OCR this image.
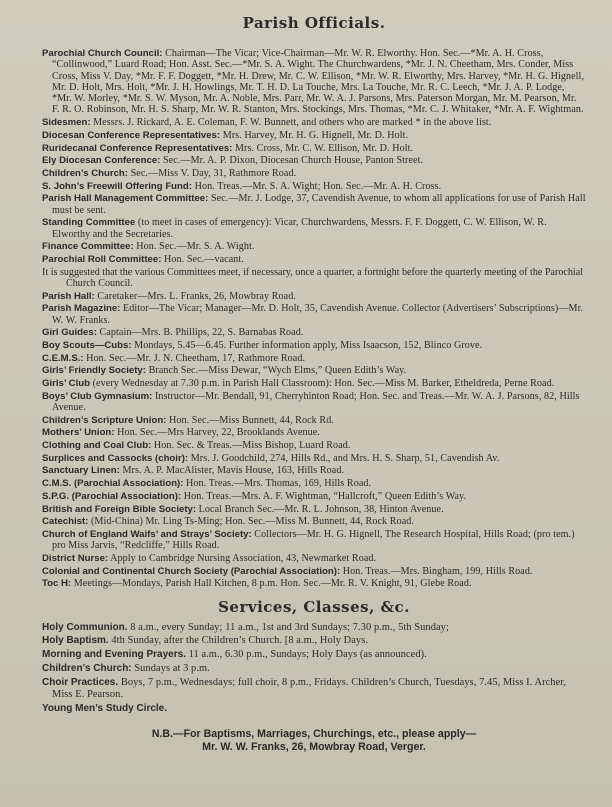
Parish Officials.

Parochial Church Council: Chairman—The Vicar; Vice-Chairman—Mr. W. R. Elworthy. Hon. Sec.—*Mr. A. H. Cross, “Collinwood,” Luard Road; Hon. Asst. Sec.—*Mr. S. A. Wight. The Churchwardens, *Mr. J. N. Cheetham, Mrs. Conder, Miss Cross, Miss V. Day, *Mr. F. F. Doggett, *Mr. H. Drew, Mr. C. W. Ellison, *Mr. W. R. Elworthy, Mrs. Harvey, *Mr. H. G. Hignell, Mr. D. Holt, Mrs. Holt, *Mr. J. H. Howlings, Mr. T. H. D. La Touche, Mrs. La Touche, Mr. R. C. Leech, *Mr. J. A. P. Lodge, *Mr. W. Morley, *Mr. S. W. Myson, Mr. A. Noble, Mrs. Parr, Mr. W. A. J. Parsons, Mrs. Paterson Morgan, Mr. M. Pearson, Mr. F. R. O. Robinson, Mr. H. S. Sharp, Mr. W. R. Stanton, Mrs. Stockings, Mrs. Thomas, *Mr. C. J. Whitaker, *Mr. A. F. Wightman.

Sidesmen: Messrs. J. Rickard, A. E. Coleman, F. W. Bunnett, and others who are marked * in the above list.

Diocesan Conference Representatives: Mrs. Harvey, Mr. H. G. Hignell, Mr. D. Holt.

Ruridecanal Conference Representatives: Mrs. Cross, Mr. C. W. Ellison, Mr. D. Holt.

Ely Diocesan Conference: Sec.—Mr. A. P. Dixon, Diocesan Church House, Panton Street.

Children’s Church: Sec.—Miss V. Day, 31, Rathmore Road.

S. John’s Freewill Offering Fund: Hon. Treas.—Mr. S. A. Wight; Hon. Sec.—Mr. A. H. Cross.

Parish Hall Management Committee: Sec.—Mr. J. Lodge, 37, Cavendish Avenue, to whom all applications for use of Parish Hall must be sent.

Standing Committee (to meet in cases of emergency): Vicar, Churchwardens, Messrs. F. F. Doggett, C. W. Ellison, W. R. Elworthy and the Secretaries.

Finance Committee: Hon. Sec.—Mr. S. A. Wight.

Parochial Roll Committee: Hon. Sec.—vacant.

It is suggested that the various Committees meet, if necessary, once a quarter, a fortnight before the quarterly meeting of the Parochial Church Council.

Parish Hall: Caretaker—Mrs. L. Franks, 26, Mowbray Road.

Parish Magazine: Editor—The Vicar; Manager—Mr. D. Holt, 35, Cavendish Avenue. Collector (Advertisers’ Subscriptions)—Mr. W. W. Franks.

Girl Guides: Captain—Mrs. B. Phillips, 22, S. Barnabas Road.

Boy Scouts—Cubs: Mondays, 5.45—6.45. Further information apply, Miss Isaacson, 152, Blinco Grove.

C.E.M.S.: Hon. Sec.—Mr. J. N. Cheetham, 17, Rathmore Road.

Girls’ Friendly Society: Branch Sec.—Miss Dewar, “Wych Elms,” Queen Edith’s Way.

Girls’ Club (every Wednesday at 7.30 p.m. in Parish Hall Classroom): Hon. Sec.—Miss M. Barker, Etheldreda, Perne Road.

Boys’ Club Gymnasium: Instructor—Mr. Bendall, 91, Cherryhinton Road; Hon. Sec. and Treas.—Mr. W. A. J. Parsons, 82, Hills Avenue.

Children’s Scripture Union: Hon. Sec.—Miss Bunnett, 44, Rock Rd.

Mothers’ Union: Hon. Sec.—Mrs Harvey, 22, Brooklands Avenue.

Clothing and Coal Club: Hon. Sec. & Treas.—Miss Bishop, Luard Road.

Surplices and Cassocks (choir): Mrs. J. Goodchild, 274, Hills Rd., and Mrs. H. S. Sharp, 51, Cavendish Av.

Sanctuary Linen: Mrs. A. P. MacAlister, Mavis House, 163, Hills Road.

C.M.S. (Parochial Association): Hon. Treas.—Mrs. Thomas, 169, Hills Road.

S.P.G. (Parochial Association): Hon. Treas.—Mrs. A. F. Wightman, “Hallcroft,” Queen Edith’s Way.

British and Foreign Bible Society: Local Branch Sec.—Mr. R. L. Johnson, 38, Hinton Avenue.

Catechist: (Mid-China) Mr. Ling Ts-Ming; Hon. Sec.—Miss M. Bunnett, 44, Rock Road.

Church of England Waifs’ and Strays’ Society: Collectors—Mr. H. G. Hignell, The Research Hospital, Hills Road; (pro tem.) pro Miss Jarvis, “Redcliffe,” Hills Road.

District Nurse: Apply to Cambridge Nursing Association, 43, Newmarket Road.

Colonial and Continental Church Society (Parochial Association): Hon. Treas.—Mrs. Bingham, 199, Hills Road.

Toc H: Meetings—Mondays, Parish Hall Kitchen, 8 p.m. Hon. Sec.—Mr. R. V. Knight, 91, Glebe Road.

Services, Classes, &c.

Holy Communion. 8 a.m., every Sunday; 11 a.m., 1st and 3rd Sundays; 7.30 p.m., 5th Sunday;

Holy Baptism. 4th Sunday, after the Children’s Church. [8 a.m., Holy Days.

Morning and Evening Prayers. 11 a.m., 6.30 p.m., Sundays; Holy Days (as announced).

Children’s Church: Sundays at 3 p.m.

Choir Practices. Boys, 7 p.m., Wednesdays; full choir, 8 p.m., Fridays. Children’s Church, Tuesdays, 7.45, Miss I. Archer, Miss E. Pearson.

Young Men’s Study Circle.

N.B.—For Baptisms, Marriages, Churchings, etc., please apply—
Mr. W. W. Franks, 26, Mowbray Road, Verger.
